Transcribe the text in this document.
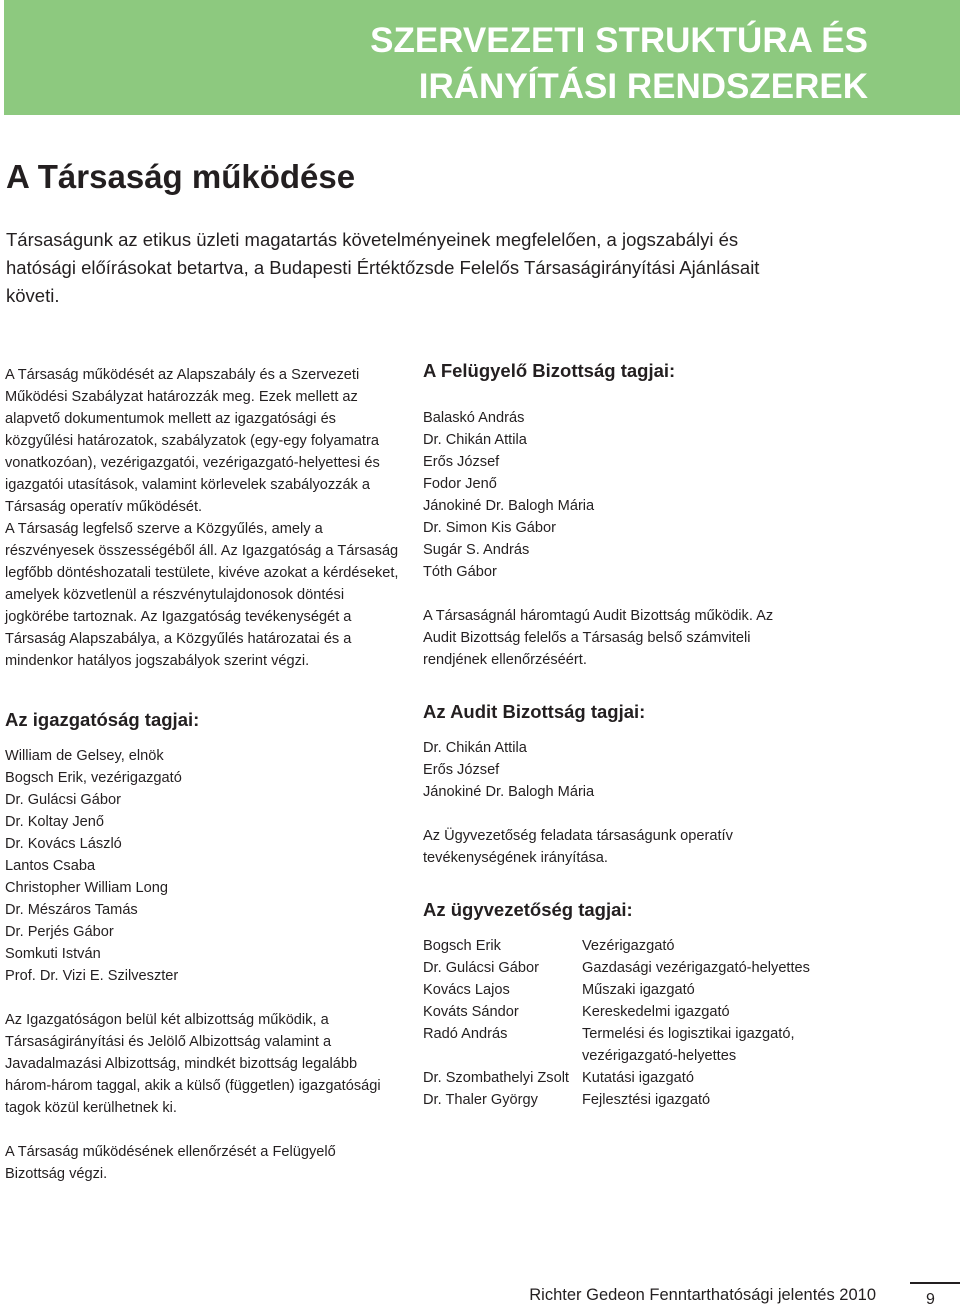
SZERVEZETI STRUKTÚRA ÉS
IRÁNYÍTÁSI RENDSZEREK
A Társaság működése

Társaságunk az etikus üzleti magatartás követelményeinek megfelelően, a jogszabályi és hatósági előírásokat betartva, a Budapesti Értéktőzsde Felelős Társaságirányítási Ajánlásait követi.

A Társaság működését az Alapszabály és a Szervezeti Működési Szabályzat határozzák meg. Ezek mellett az alapvető dokumentumok mellett az igazgatósági és közgyűlési határozatok, szabályzatok (egy-egy folyamatra vonatkozóan), vezérigazgatói, vezérigazgató-helyettesi és igazgatói utasítások, valamint körlevelek szabályozzák a Társaság operatív működését.

A Társaság legfelső szerve a Közgyűlés, amely a részvényesek összességéből áll. Az Igazgatóság a Társaság legfőbb döntéshozatali testülete, kivéve azokat a kérdéseket, amelyek közvetlenül a részvénytulajdonosok döntési jogkörébe tartoznak. Az Igazgatóság tevékenységét a Társaság Alapszabálya, a Közgyűlés határozatai és a mindenkor hatályos jogszabályok szerint végzi.

Az igazgatóság tagjai:
William de Gelsey, elnök
Bogsch Erik, vezérigazgató
Dr. Gulácsi Gábor
Dr. Koltay Jenő
Dr. Kovács László
Lantos Csaba
Christopher William Long
Dr. Mészáros Tamás
Dr. Perjés Gábor
Somkuti István
Prof. Dr. Vizi E. Szilveszter

Az Igazgatóságon belül két albizottság működik, a Társaságirányítási és Jelölő Albizottság valamint a Javadalmazási Albizottság, mindkét bizottság legalább három-három taggal, akik a külső (független) igazgatósági tagok közül kerülhetnek ki.

A Társaság működésének ellenőrzését a Felügyelő Bizottság végzi.

A Felügyelő Bizottság tagjai:
Balaskó András
Dr. Chikán Attila
Erős József
Fodor Jenő
Jánokiné Dr. Balogh Mária
Dr. Simon Kis Gábor
Sugár S. András
Tóth Gábor

A Társaságnál háromtagú Audit Bizottság működik. Az Audit Bizottság felelős a Társaság belső számviteli rendjének ellenőrzéséért.

Az Audit Bizottság tagjai:
Dr. Chikán Attila
Erős József
Jánokiné Dr. Balogh Mária

Az Ügyvezetőség feladata társaságunk operatív tevékenységének irányítása.

Az ügyvezetőség tagjai:
Bogsch Erik	Vezérigazgató
Dr. Gulácsi Gábor	Gazdasági vezérigazgató-helyettes
Kovács Lajos	Műszaki igazgató
Kováts Sándor	Kereskedelmi igazgató
Radó András	Termelési és logisztikai igazgató,
	vezérigazgató-helyettes
Dr. Szombathelyi Zsolt	Kutatási igazgató
Dr. Thaler György	Fejlesztési igazgató

Richter Gedeon Fenntarthatósági jelentés 2010	9
